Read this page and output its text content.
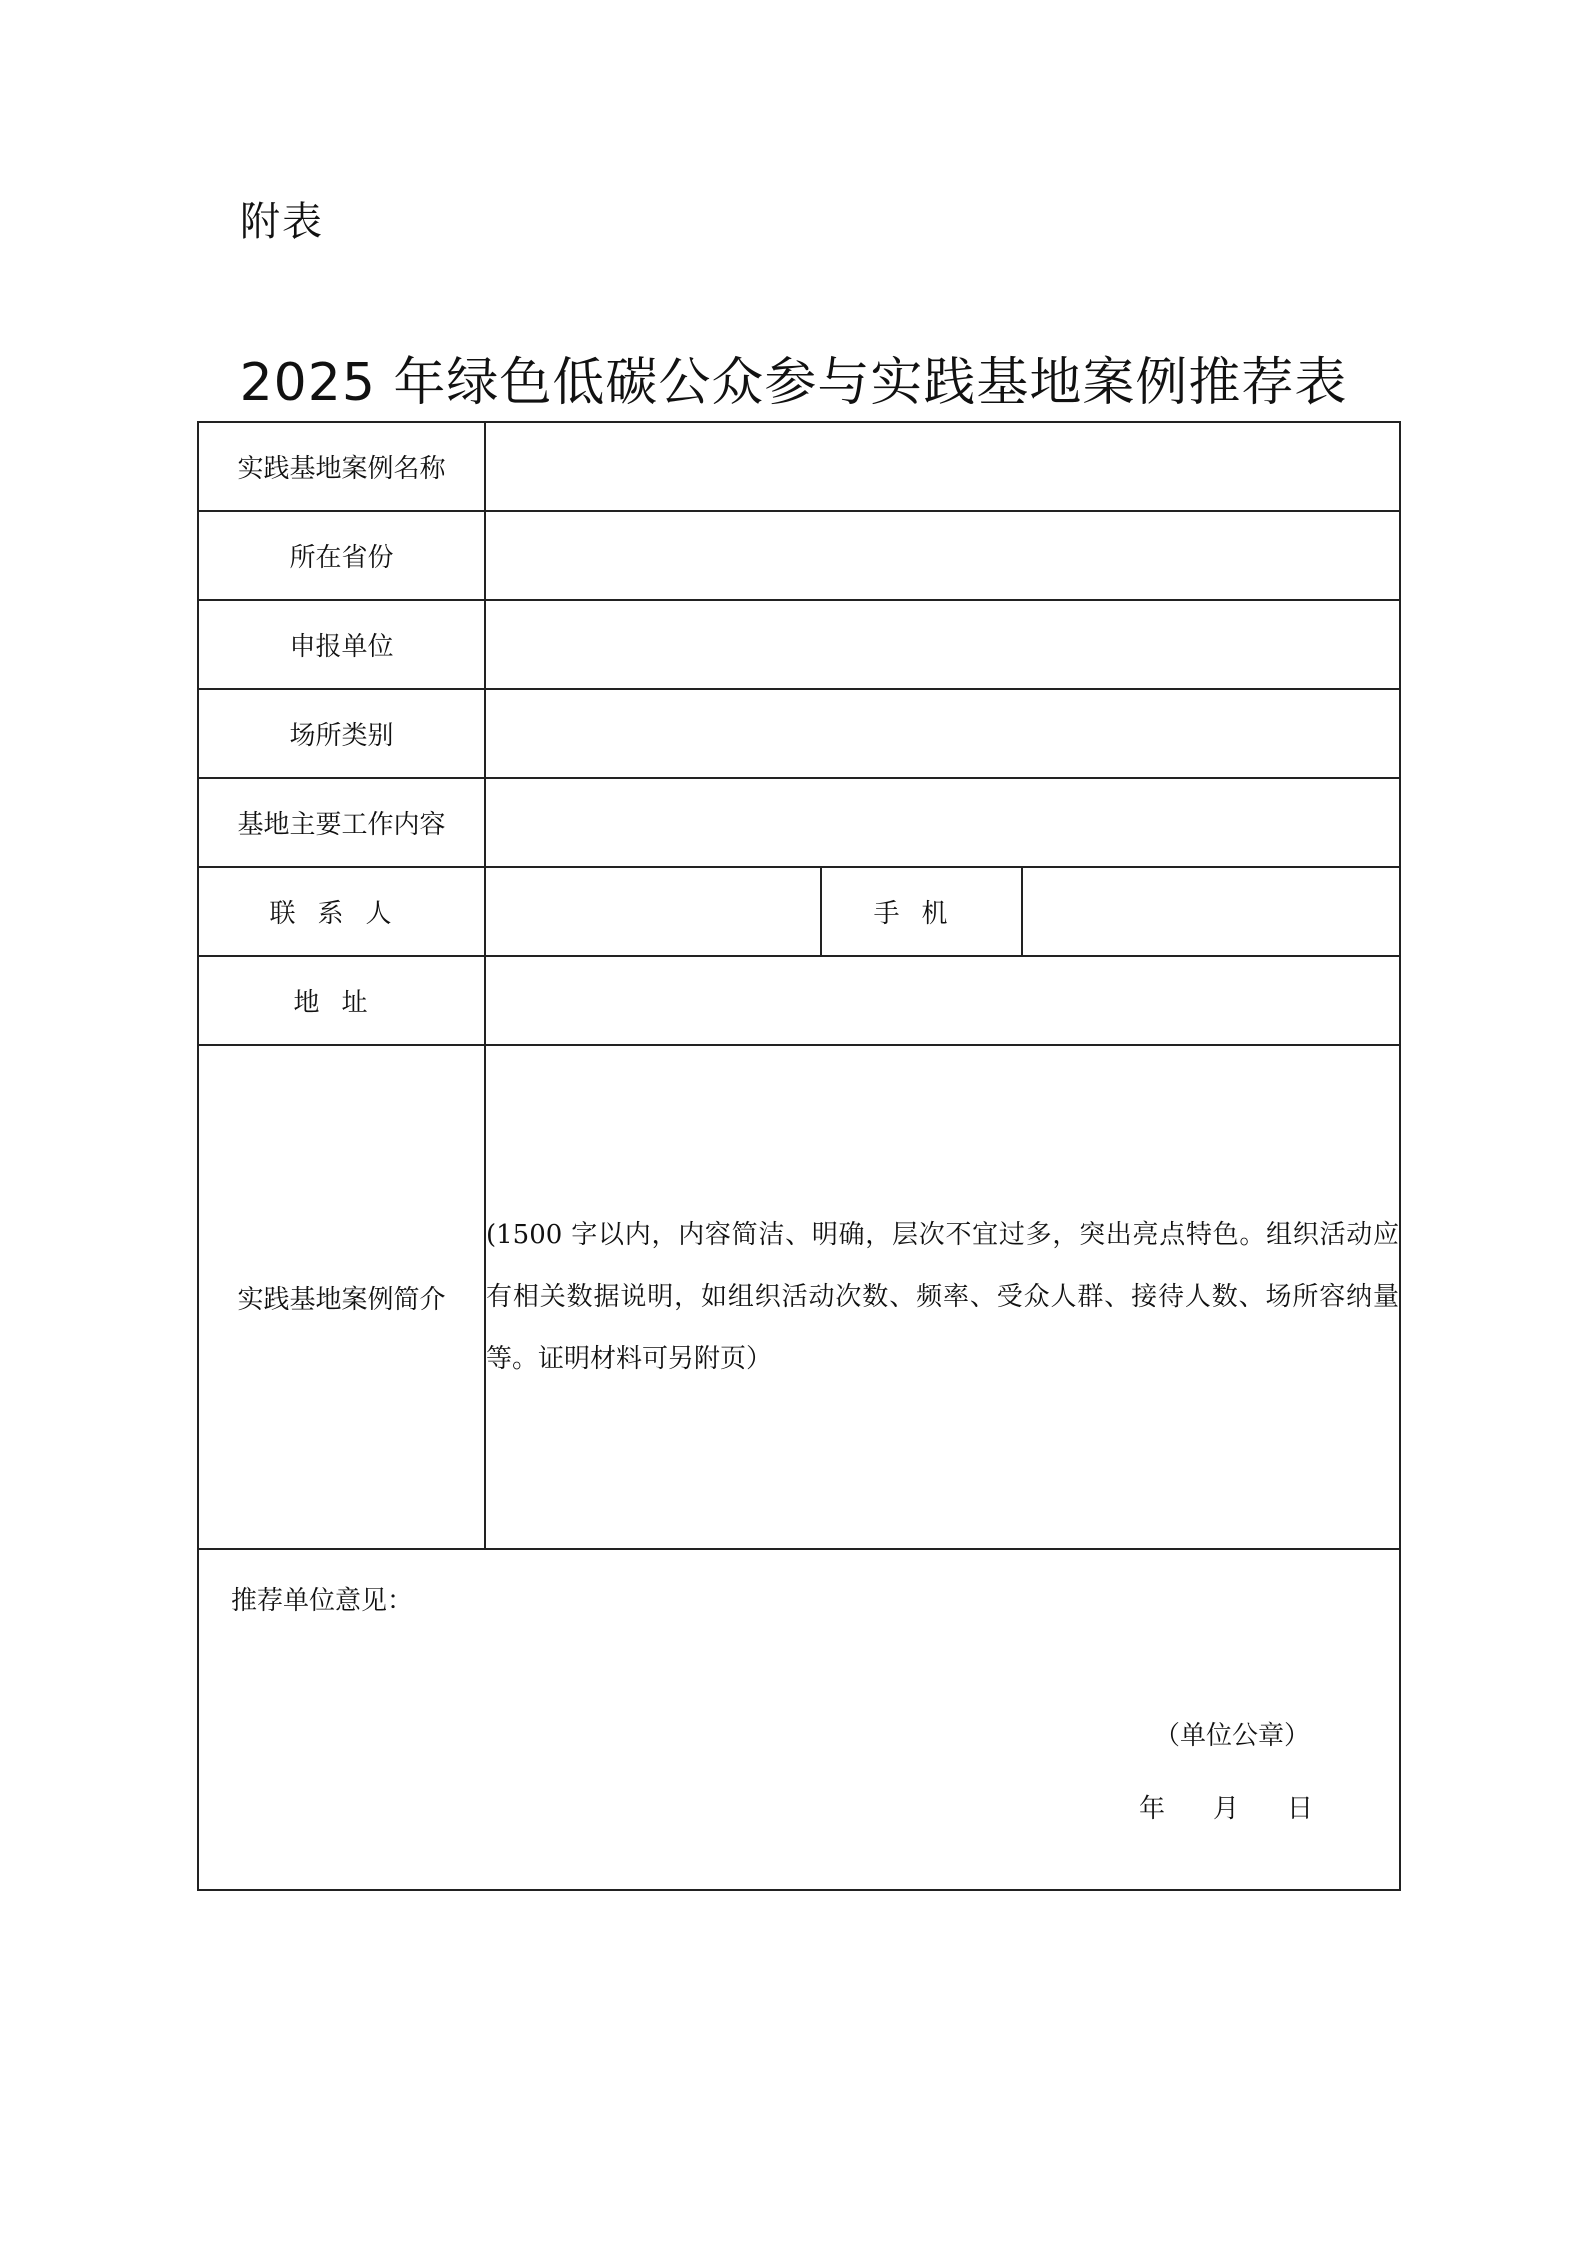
附表
2025 年绿色低碳公众参与实践基地案例推荐表
实践基地案例名称			

所在省份			

申报单位			

场所类别			

基地主要工作内容			

联系人		手机	

地址			

实践基地案例简介	(1500 字以内，内容简洁、明确，层次不宜过多，突出亮点特色。组织活动应有相关数据说明，如组织活动次数、频率、受众人群、接待人数、场所容纳量等。证明材料可另附页）		

推荐单位意见：
（单位公章）
年 月 日			
